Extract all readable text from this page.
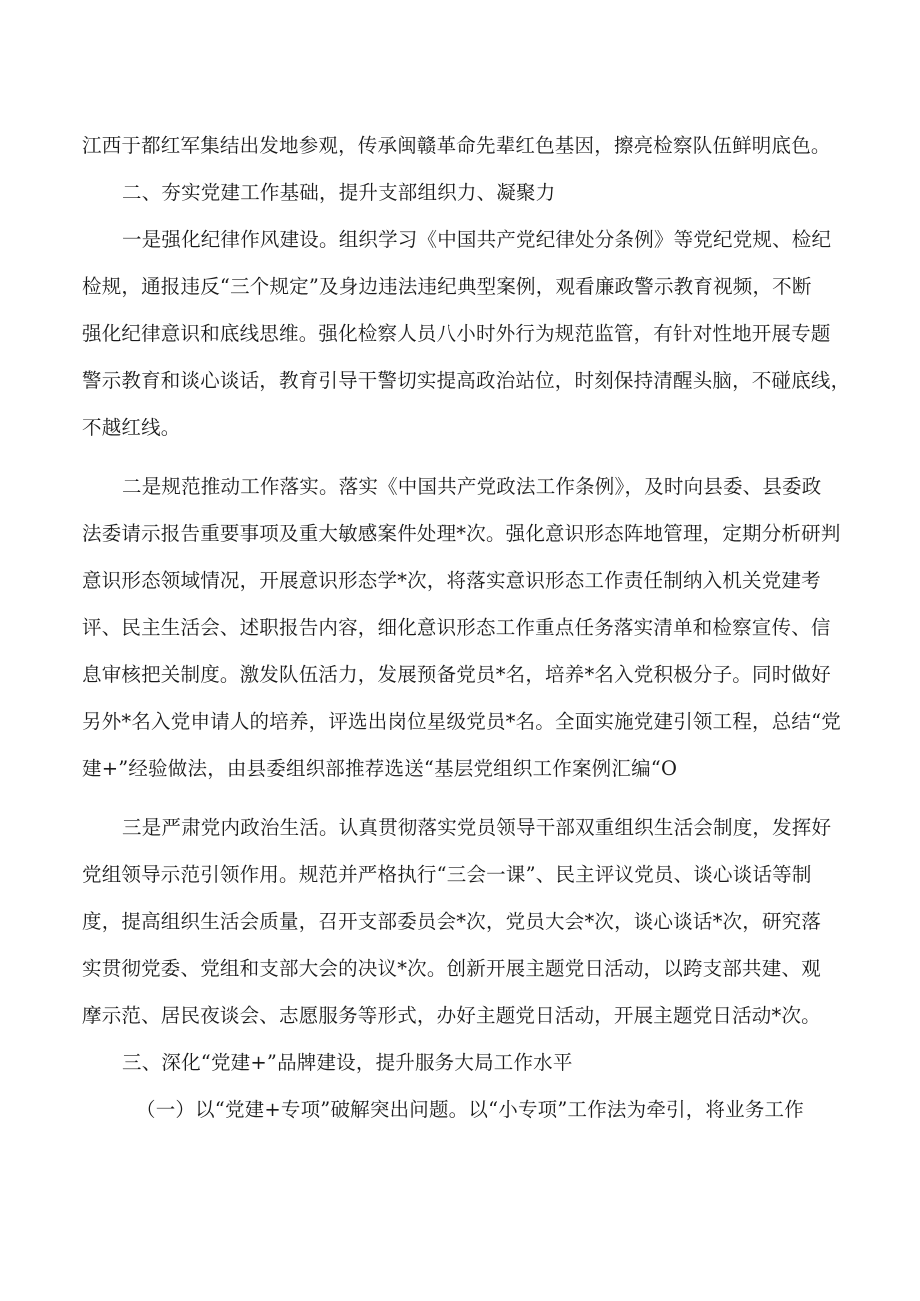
江西于都红军集结出发地参观，传承闽赣革命先辈红色基因，擦亮检察队伍鲜明底色。
二、夯实党建工作基础，提升支部组织力、凝聚力
一是强化纪律作风建设。组织学习《中国共产党纪律处分条例》等党纪党规、检纪
检规，通报违反“三个规定”及身边违法违纪典型案例，观看廉政警示教育视频，不断
强化纪律意识和底线思维。强化检察人员八小时外行为规范监管，有针对性地开展专题
警示教育和谈心谈话，教育引导干警切实提高政治站位，时刻保持清醒头脑，不碰底线，
不越红线。
二是规范推动工作落实。落实《中国共产党政法工作条例》，及时向县委、县委政
法委请示报告重要事项及重大敏感案件处理*次。强化意识形态阵地管理，定期分析研判
意识形态领域情况，开展意识形态学*次，将落实意识形态工作责任制纳入机关党建考
评、民主生活会、述职报告内容，细化意识形态工作重点任务落实清单和检察宣传、信
息审核把关制度。激发队伍活力，发展预备党员*名，培养*名入党积极分子。同时做好
另外*名入党申请人的培养，评选出岗位星级党员*名。全面实施党建引领工程，总结“党
建+”经验做法，由县委组织部推荐选送“基层党组织工作案例汇编“O
三是严肃党内政治生活。认真贯彻落实党员领导干部双重组织生活会制度，发挥好
党组领导示范引领作用。规范并严格执行“三会一课”、民主评议党员、谈心谈话等制
度，提高组织生活会质量，召开支部委员会*次，党员大会*次，谈心谈话*次，研究落
实贯彻党委、党组和支部大会的决议*次。创新开展主题党日活动，以跨支部共建、观
摩示范、居民夜谈会、志愿服务等形式，办好主题党日活动，开展主题党日活动*次。
三、深化“党建+”品牌建设，提升服务大局工作水平
（一）以“党建+专项”破解突出问题。以“小专项”工作法为牵引，将业务工作
